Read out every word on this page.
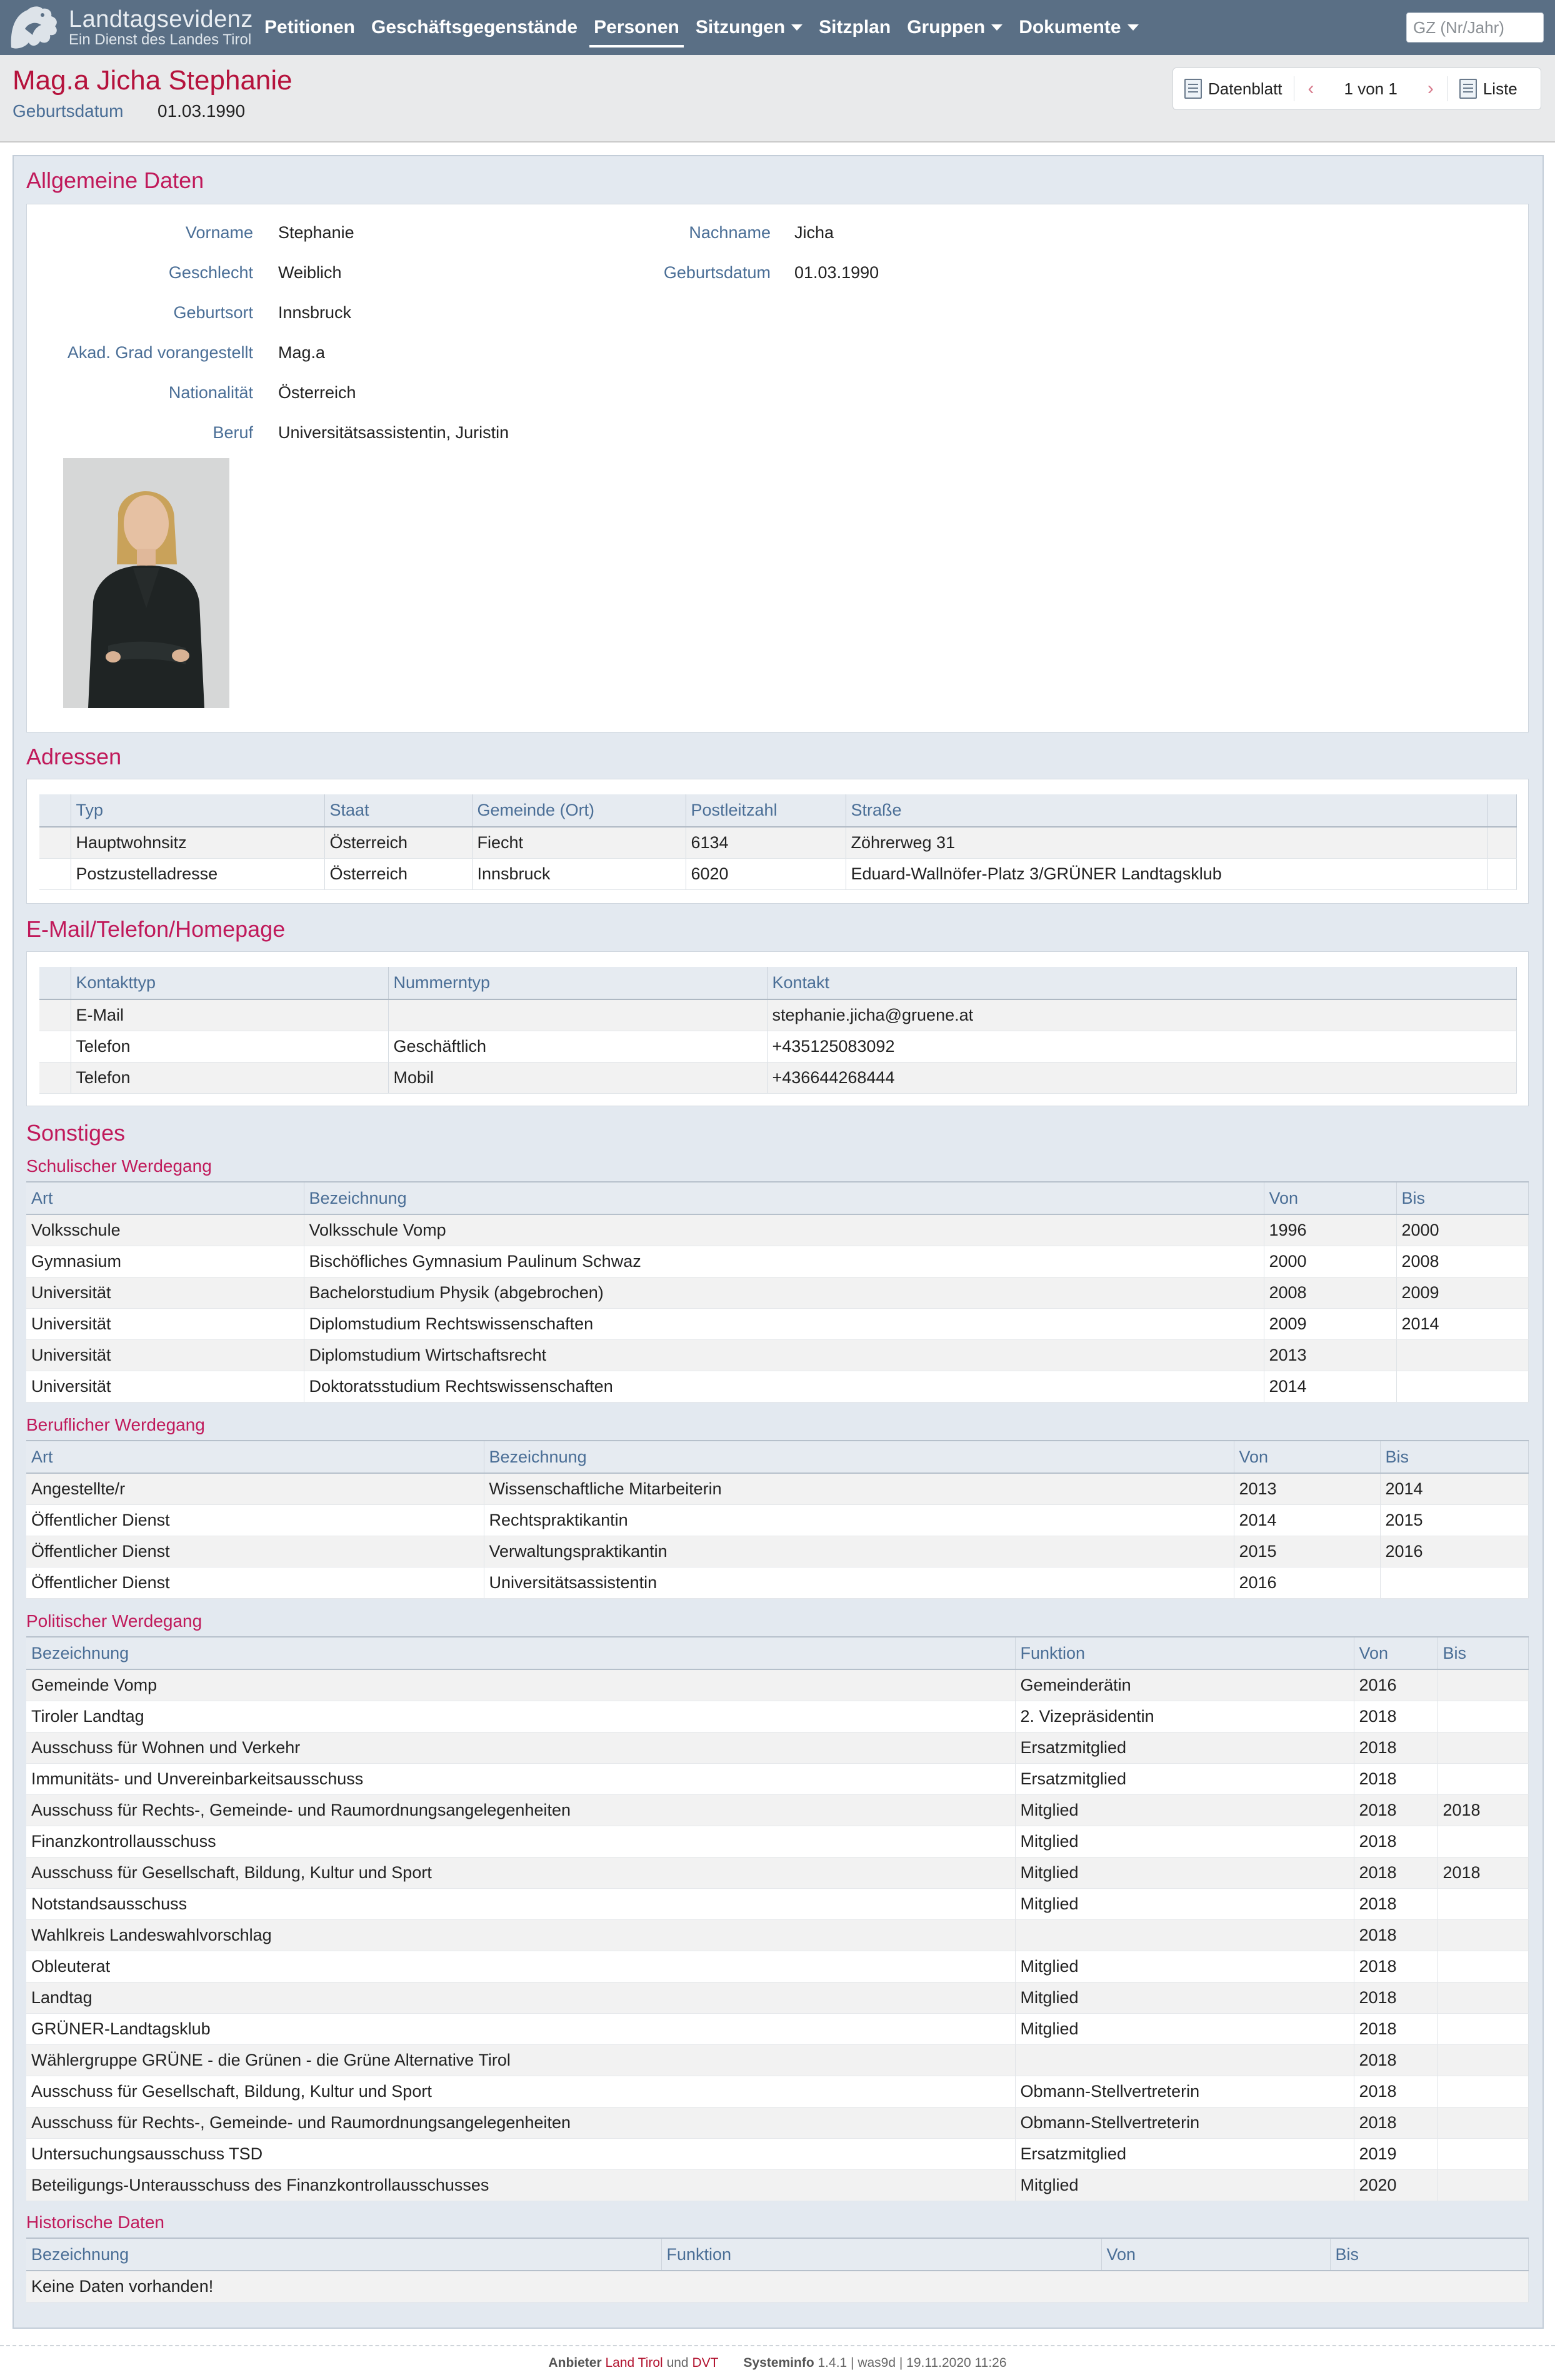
Landtagsevidenz
Ein Dienst des Landes Tirol
Petitionen Geschäftsgegenstände Personen Sitzungen Sitzplan Gruppen Dokumente
GZ (Nr/Jahr)
Mag.a Jicha Stephanie
Geburtsdatum 01.03.1990
Datenblatt	‹	1 von 1	›	Liste
Allgemeine Daten
Vorname Stephanie
Geschlecht Weiblich
Geburtsort Innsbruck
Akad. Grad vorangestellt Mag.a
Nationalität Österreich
Beruf Universitätsassistentin, Juristin
Nachname Jicha
Geburtsdatum 01.03.1990
Adressen
	Typ	Staat	Gemeinde (Ort)	Postleitzahl	Straße	
	Hauptwohnsitz	Österreich	Fiecht	6134	Zöhrerweg 31	
	Postzustelladresse	Österreich	Innsbruck	6020	Eduard-Wallnöfer-Platz 3/GRÜNER Landtagsklub	
E-Mail/Telefon/Homepage
	Kontakttyp	Nummerntyp	Kontakt
	E-Mail		stephanie.jicha@gruene.at
	Telefon	Geschäftlich	+435125083092
	Telefon	Mobil	+436644268444
Sonstiges
Schulischer Werdegang
Art	Bezeichnung	Von	Bis
Volksschule	Volksschule Vomp	1996	2000
Gymnasium	Bischöfliches Gymnasium Paulinum Schwaz	2000	2008
Universität	Bachelorstudium Physik (abgebrochen)	2008	2009
Universität	Diplomstudium Rechtswissenschaften	2009	2014
Universität	Diplomstudium Wirtschaftsrecht	2013	
Universität	Doktoratsstudium Rechtswissenschaften	2014	
Beruflicher Werdegang
Art	Bezeichnung	Von	Bis
Angestellte/r	Wissenschaftliche Mitarbeiterin	2013	2014
Öffentlicher Dienst	Rechtspraktikantin	2014	2015
Öffentlicher Dienst	Verwaltungspraktikantin	2015	2016
Öffentlicher Dienst	Universitätsassistentin	2016	
Politischer Werdegang
Bezeichnung	Funktion	Von	Bis
Gemeinde Vomp	Gemeinderätin	2016	
Tiroler Landtag	2. Vizepräsidentin	2018	
Ausschuss für Wohnen und Verkehr	Ersatzmitglied	2018	
Immunitäts- und Unvereinbarkeitsausschuss	Ersatzmitglied	2018	
Ausschuss für Rechts-, Gemeinde- und Raumordnungsangelegenheiten	Mitglied	2018	2018
Finanzkontrollausschuss	Mitglied	2018	
Ausschuss für Gesellschaft, Bildung, Kultur und Sport	Mitglied	2018	2018
Notstandsausschuss	Mitglied	2018	
Wahlkreis Landeswahlvorschlag		2018	
Obleuterat	Mitglied	2018	
Landtag	Mitglied	2018	
GRÜNER-Landtagsklub	Mitglied	2018	
Wählergruppe GRÜNE - die Grünen - die Grüne Alternative Tirol		2018	
Ausschuss für Gesellschaft, Bildung, Kultur und Sport	Obmann-Stellvertreterin	2018	
Ausschuss für Rechts-, Gemeinde- und Raumordnungsangelegenheiten	Obmann-Stellvertreterin	2018	
Untersuchungsausschuss TSD	Ersatzmitglied	2019	
Beteiligungs-Unterausschuss des Finanzkontrollausschusses	Mitglied	2020	
Historische Daten
Bezeichnung	Funktion	Von	Bis
Keine Daten vorhanden!
Anbieter Land Tirol und DVT Systeminfo 1.4.1 | was9d | 19.11.2020 11:26
